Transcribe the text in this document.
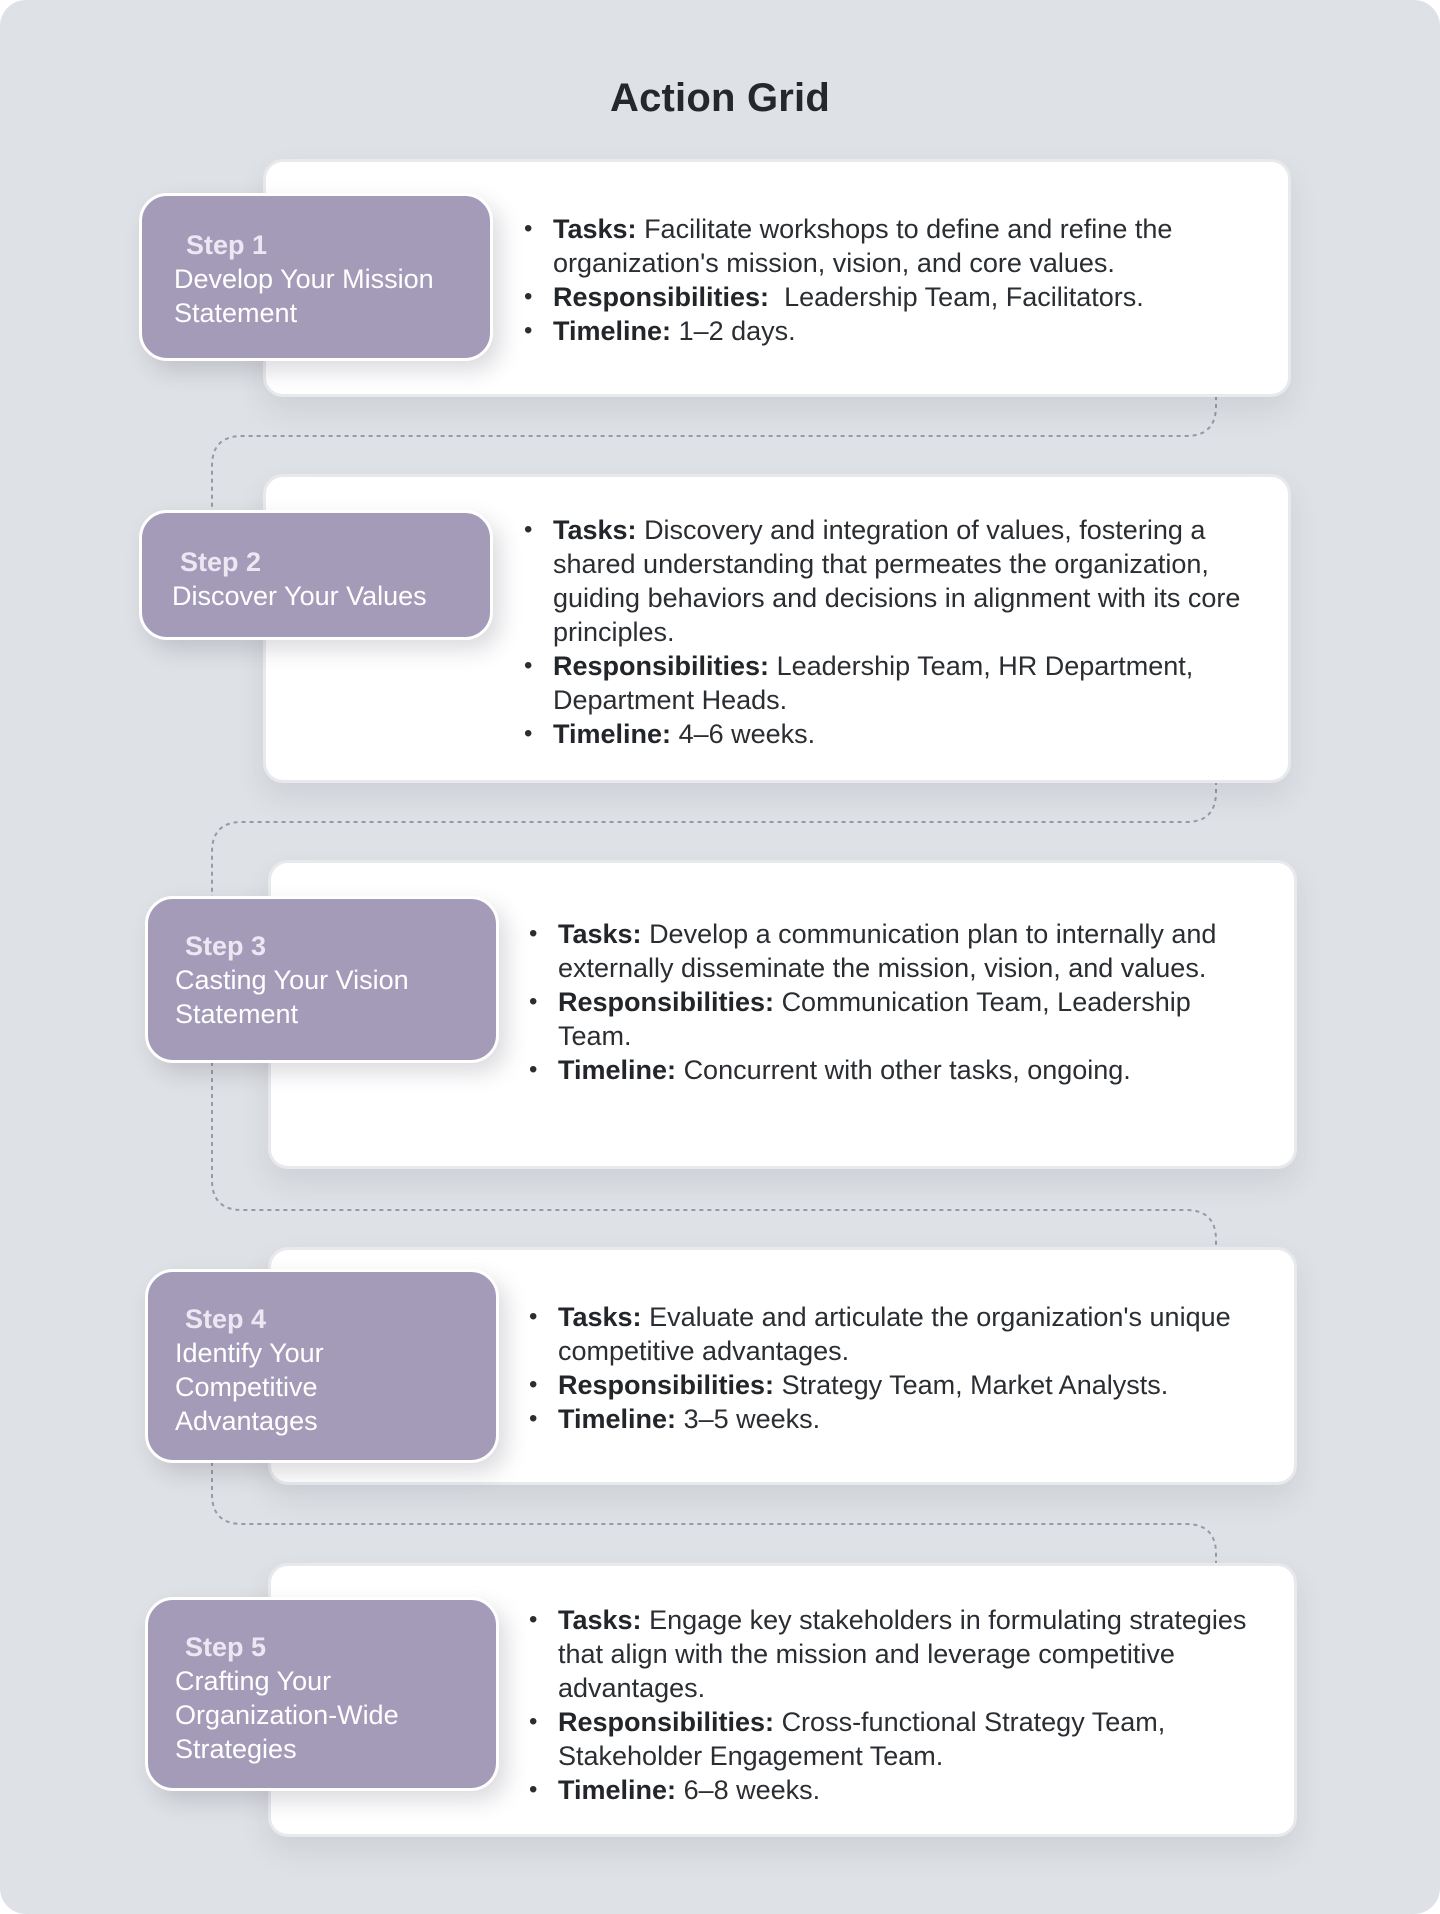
Action Grid
• Tasks: Facilitate workshops to define and refine the organization's mission, vision, and core values.
• Responsibilities: Leadership Team, Facilitators.
• Timeline: 1–2 days.
Step 1
Develop Your Mission
Statement
• Tasks: Discovery and integration of values, fostering a shared understanding that permeates the organization, guiding behaviors and decisions in alignment with its core principles.
• Responsibilities: Leadership Team, HR Department, Department Heads.
• Timeline: 4–6 weeks.
Step 2
Discover Your Values
• Tasks: Develop a communication plan to internally and externally disseminate the mission, vision, and values.
• Responsibilities: Communication Team, Leadership Team.
• Timeline: Concurrent with other tasks, ongoing.
Step 3
Casting Your Vision
Statement
• Tasks: Evaluate and articulate the organization's unique competitive advantages.
• Responsibilities: Strategy Team, Market Analysts.
• Timeline: 3–5 weeks.
Step 4
Identify Your
Competitive
Advantages
• Tasks: Engage key stakeholders in formulating strategies that align with the mission and leverage competitive advantages.
• Responsibilities: Cross-functional Strategy Team, Stakeholder Engagement Team.
• Timeline: 6–8 weeks.
Step 5
Crafting Your
Organization-Wide
Strategies
